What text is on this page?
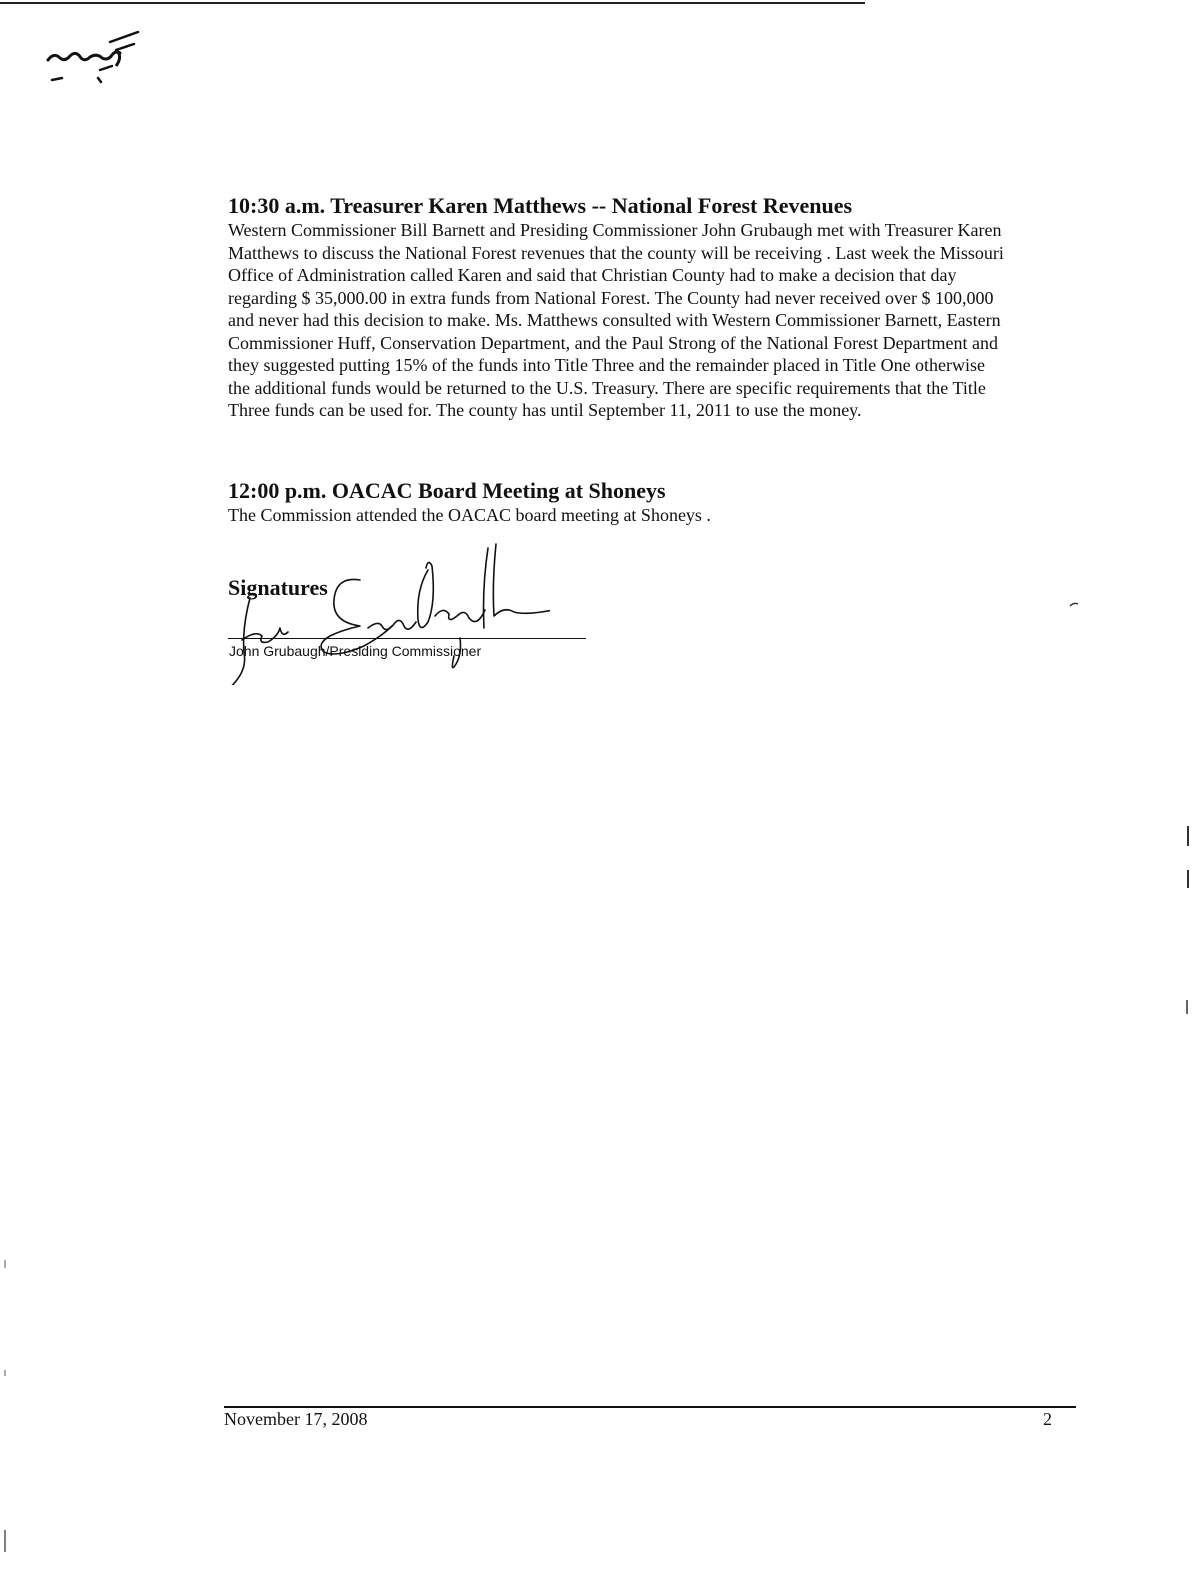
10:30 a.m. Treasurer Karen Matthews -- National Forest Revenues
Western Commissioner Bill Barnett and Presiding Commissioner John Grubaugh met with Treasurer Karen
Matthews to discuss the National Forest revenues that the county will be receiving . Last week the Missouri
Office of Administration called Karen and said that Christian County had to make a decision that day
regarding $ 35,000.00 in extra funds from National Forest. The County had never received over $ 100,000
and never had this decision to make. Ms. Matthews consulted with Western Commissioner Barnett, Eastern
Commissioner Huff, Conservation Department, and the Paul Strong of the National Forest Department and
they suggested putting 15% of the funds into Title Three and the remainder placed in Title One otherwise
the additional funds would be returned to the U.S. Treasury. There are specific requirements that the Title
Three funds can be used for. The county has until September 11, 2011 to use the money.
12:00 p.m. OACAC Board Meeting at Shoneys
The Commission attended the OACAC board meeting at Shoneys .
Signatures
John Grubaugh/Presiding Commissioner
November 17, 2008	2
